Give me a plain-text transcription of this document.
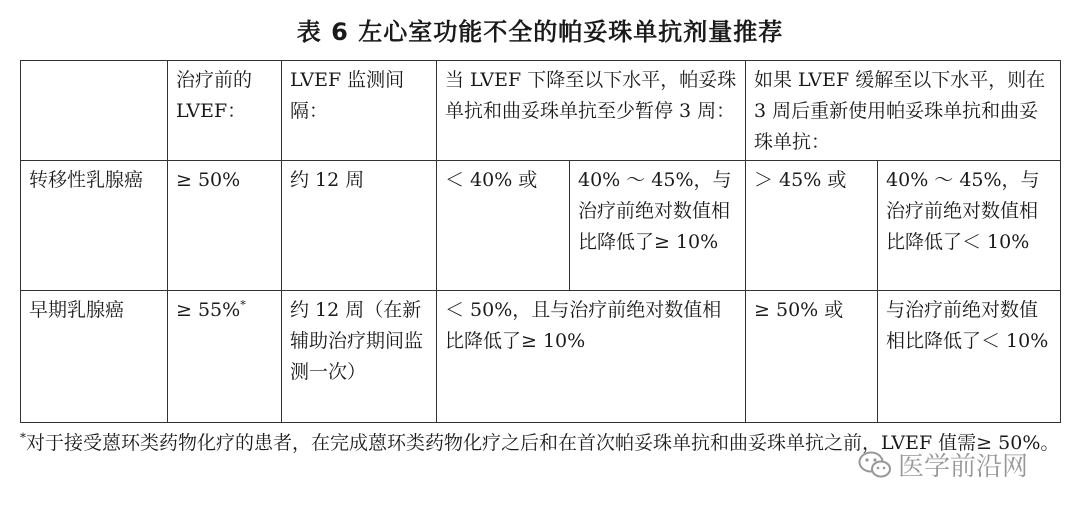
表 6 左心室功能不全的帕妥珠单抗剂量推荐
	治疗前的 LVEF：	LVEF 监测间隔：	当 LVEF 下降至以下水平，帕妥珠单抗和曲妥珠单抗至少暂停 3 周：		如果 LVEF 缓解至以下水平，则在 3 周后重新使用帕妥珠单抗和曲妥珠单抗：	
转移性乳腺癌	≥ 50%	约 12 周	＜ 40% 或	40% ～ 45%，与治疗前绝对数值相比降低了≥ 10%	＞ 45% 或	40% ～ 45%，与治疗前绝对数值相比降低了＜ 10%
早期乳腺癌	≥ 55%*	约 12 周（在新辅助治疗期间监测一次）	＜ 50%，且与治疗前绝对数值相比降低了≥ 10%		≥ 50% 或	与治疗前绝对数值相比降低了＜ 10%
*对于接受蒽环类药物化疗的患者，在完成蒽环类药物化疗之后和在首次帕妥珠单抗和曲妥珠单抗之前，LVEF 值需≥ 50%。
医学前沿网
